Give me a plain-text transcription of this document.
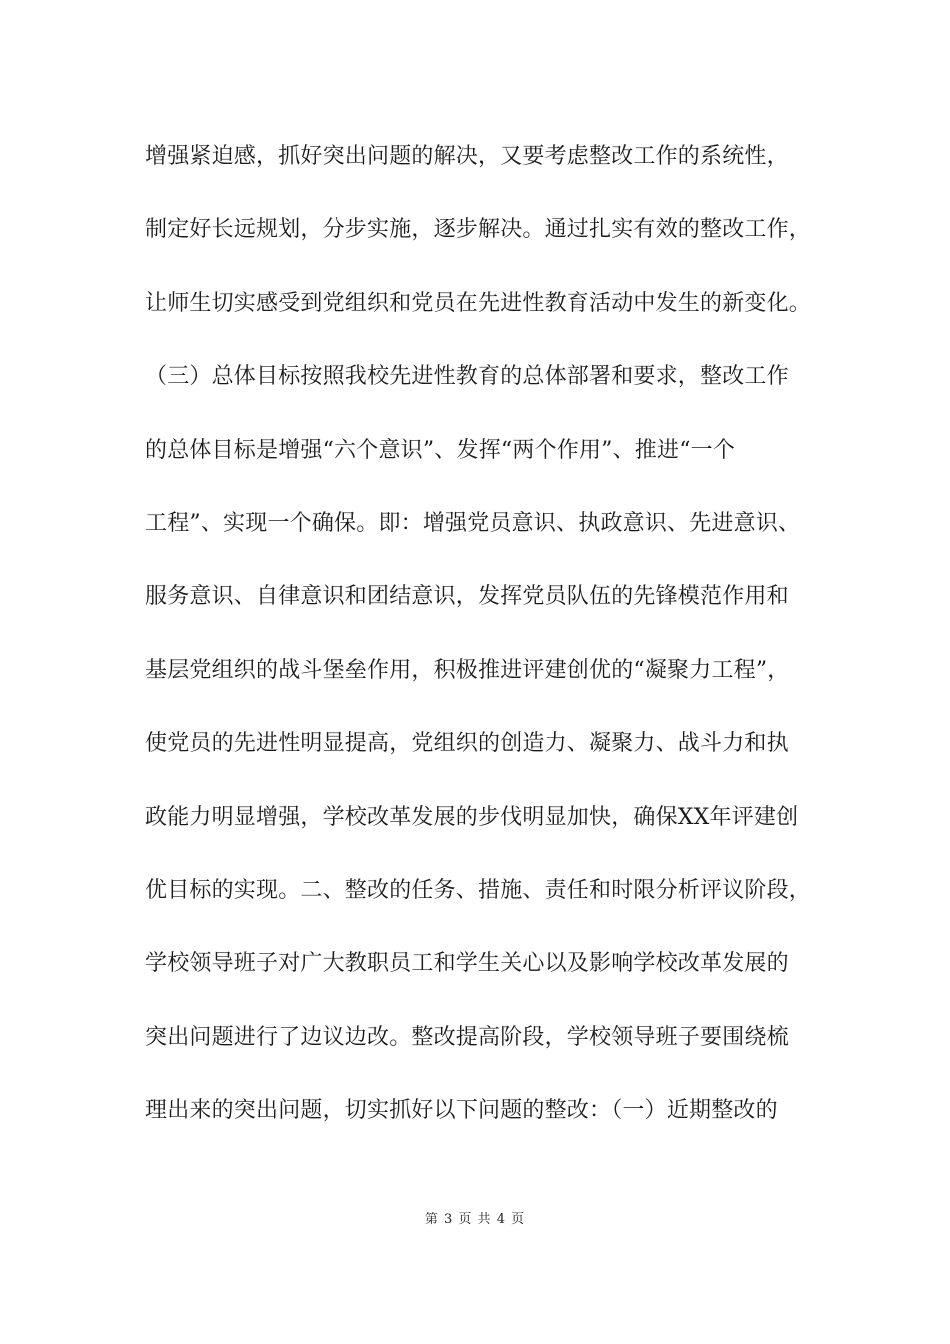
增强紧迫感，抓好突出问题的解决，又要考虑整改工作的系统性，
制定好长远规划，分步实施，逐步解决。通过扎实有效的整改工作，
让师生切实感受到党组织和党员在先进性教育活动中发生的新变化。
（三）总体目标按照我校先进性教育的总体部署和要求，整改工作
的总体目标是增强“六个意识”、发挥“两个作用”、推进“一个
工程”、实现一个确保。即：增强党员意识、执政意识、先进意识、
服务意识、自律意识和团结意识，发挥党员队伍的先锋模范作用和
基层党组织的战斗堡垒作用，积极推进评建创优的“凝聚力工程”，
使党员的先进性明显提高，党组织的创造力、凝聚力、战斗力和执
政能力明显增强，学校改革发展的步伐明显加快，确保XX年评建创
优目标的实现。二、整改的任务、措施、责任和时限分析评议阶段，
学校领导班子对广大教职员工和学生关心以及影响学校改革发展的
突出问题进行了边议边改。整改提高阶段，学校领导班子要围绕梳
理出来的突出问题，切实抓好以下问题的整改：（一）近期整改的
第 3 页 共 4 页
